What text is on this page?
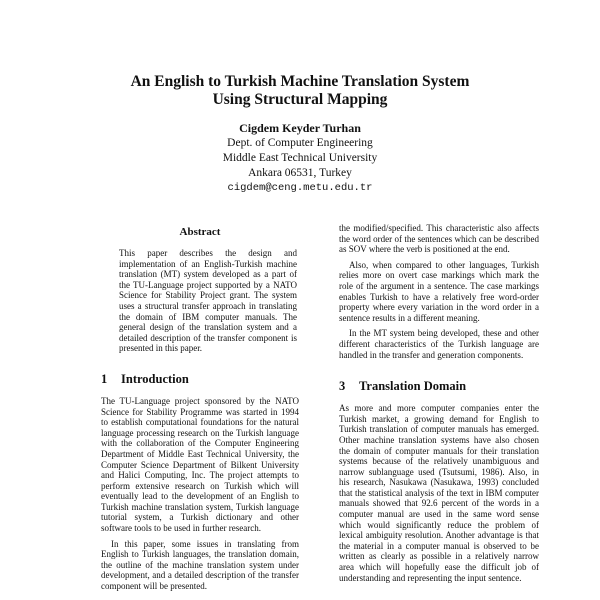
An English to Turkish Machine Translation System
Using Structural Mapping
Cigdem Keyder Turhan
Dept. of Computer Engineering
Middle East Technical University
Ankara 06531, Turkey
cigdem@ceng.metu.edu.tr
Abstract

This paper describes the design and implementation of an English-Turkish machine translation (MT) system developed as a part of the TU-Language project supported by a NATO Science for Stability Project grant. The system uses a structural transfer approach in translating the domain of IBM computer manuals. The general design of the translation system and a detailed description of the transfer component is presented in this paper.

1 Introduction

The TU-Language project sponsored by the NATO Science for Stability Programme was started in 1994 to establish computational foundations for the natural language processing research on the Turkish language with the collaboration of the Computer Engineering Department of Middle East Technical University, the Computer Science Department of Bilkent University and Halici Computing, Inc. The project attempts to perform extensive research on Turkish which will eventually lead to the development of an English to Turkish machine translation system, Turkish language tutorial system, a Turkish dictionary and other software tools to be used in further research.

In this paper, some issues in translating from English to Turkish languages, the translation domain, the outline of the machine translation system under development, and a detailed description of the transfer component will be presented.

the modified/specified. This characteristic also affects the word order of the sentences which can be described as SOV where the verb is positioned at the end.

Also, when compared to other languages, Turkish relies more on overt case markings which mark the role of the argument in a sentence. The case markings enables Turkish to have a relatively free word-order property where every variation in the word order in a sentence results in a different meaning.

In the MT system being developed, these and other different characteristics of the Turkish language are handled in the transfer and generation components.

3 Translation Domain

As more and more computer companies enter the Turkish market, a growing demand for English to Turkish translation of computer manuals has emerged. Other machine translation systems have also chosen the domain of computer manuals for their translation systems because of the relatively unambiguous and narrow sublanguage used (Tsutsumi, 1986). Also, in his research, Nasukawa (Nasukawa, 1993) concluded that the statistical analysis of the text in IBM computer manuals showed that 92.6 percent of the words in a computer manual are used in the same word sense which would significantly reduce the problem of lexical ambiguity resolution. Another advantage is that the material in a computer manual is observed to be written as clearly as possible in a relatively narrow area which will hopefully ease the difficult job of understanding and representing the input sentence.
